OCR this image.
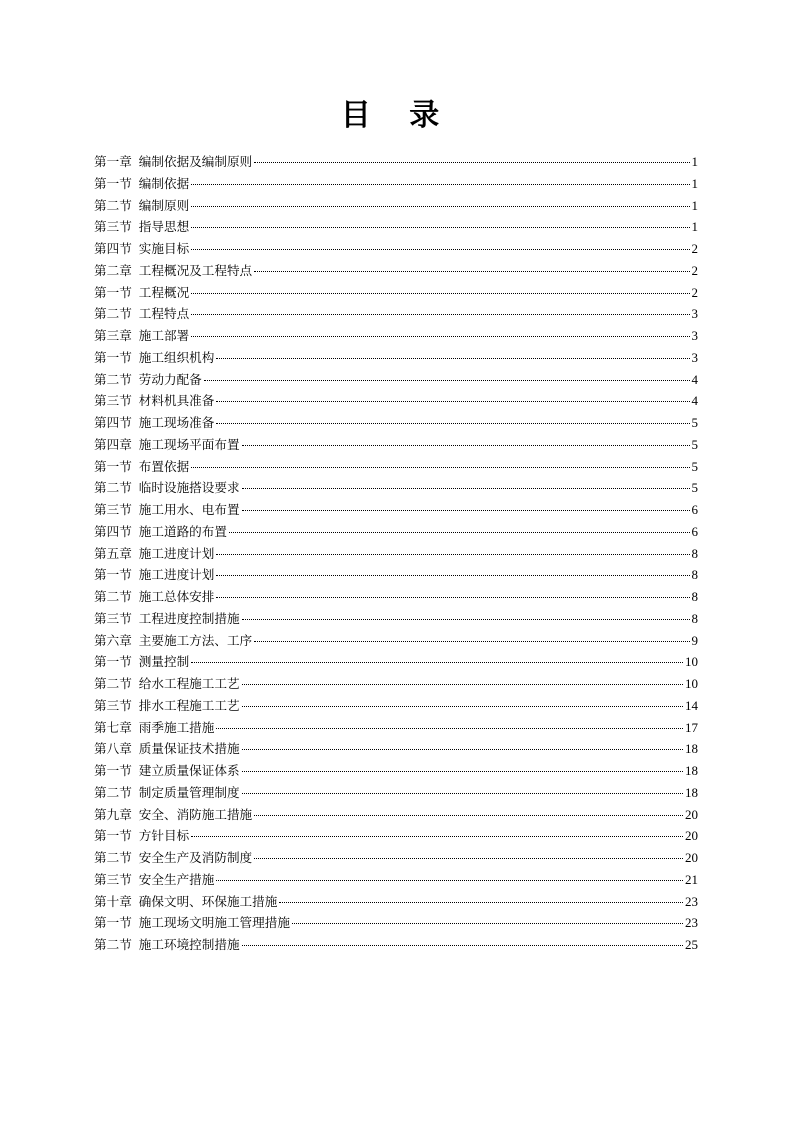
目 录
第一章 编制依据及编制原则	1
第一节 编制依据	1
第二节 编制原则	1
第三节 指导思想	1
第四节 实施目标	2
第二章 工程概况及工程特点	2
第一节 工程概况	2
第二节 工程特点	3
第三章 施工部署	3
第一节 施工组织机构	3
第二节 劳动力配备	4
第三节 材料机具准备	4
第四节 施工现场准备	5
第四章 施工现场平面布置	5
第一节 布置依据	5
第二节 临时设施搭设要求	5
第三节 施工用水、电布置	6
第四节 施工道路的布置	6
第五章 施工进度计划	8
第一节 施工进度计划	8
第二节 施工总体安排	8
第三节 工程进度控制措施	8
第六章 主要施工方法、工序	9
第一节 测量控制	10
第二节 给水工程施工工艺	10
第三节 排水工程施工工艺	14
第七章 雨季施工措施	17
第八章 质量保证技术措施	18
第一节 建立质量保证体系	18
第二节 制定质量管理制度	18
第九章 安全、消防施工措施	20
第一节 方针目标	20
第二节 安全生产及消防制度	20
第三节 安全生产措施	21
第十章 确保文明、环保施工措施	23
第一节 施工现场文明施工管理措施	23
第二节 施工环境控制措施	25
